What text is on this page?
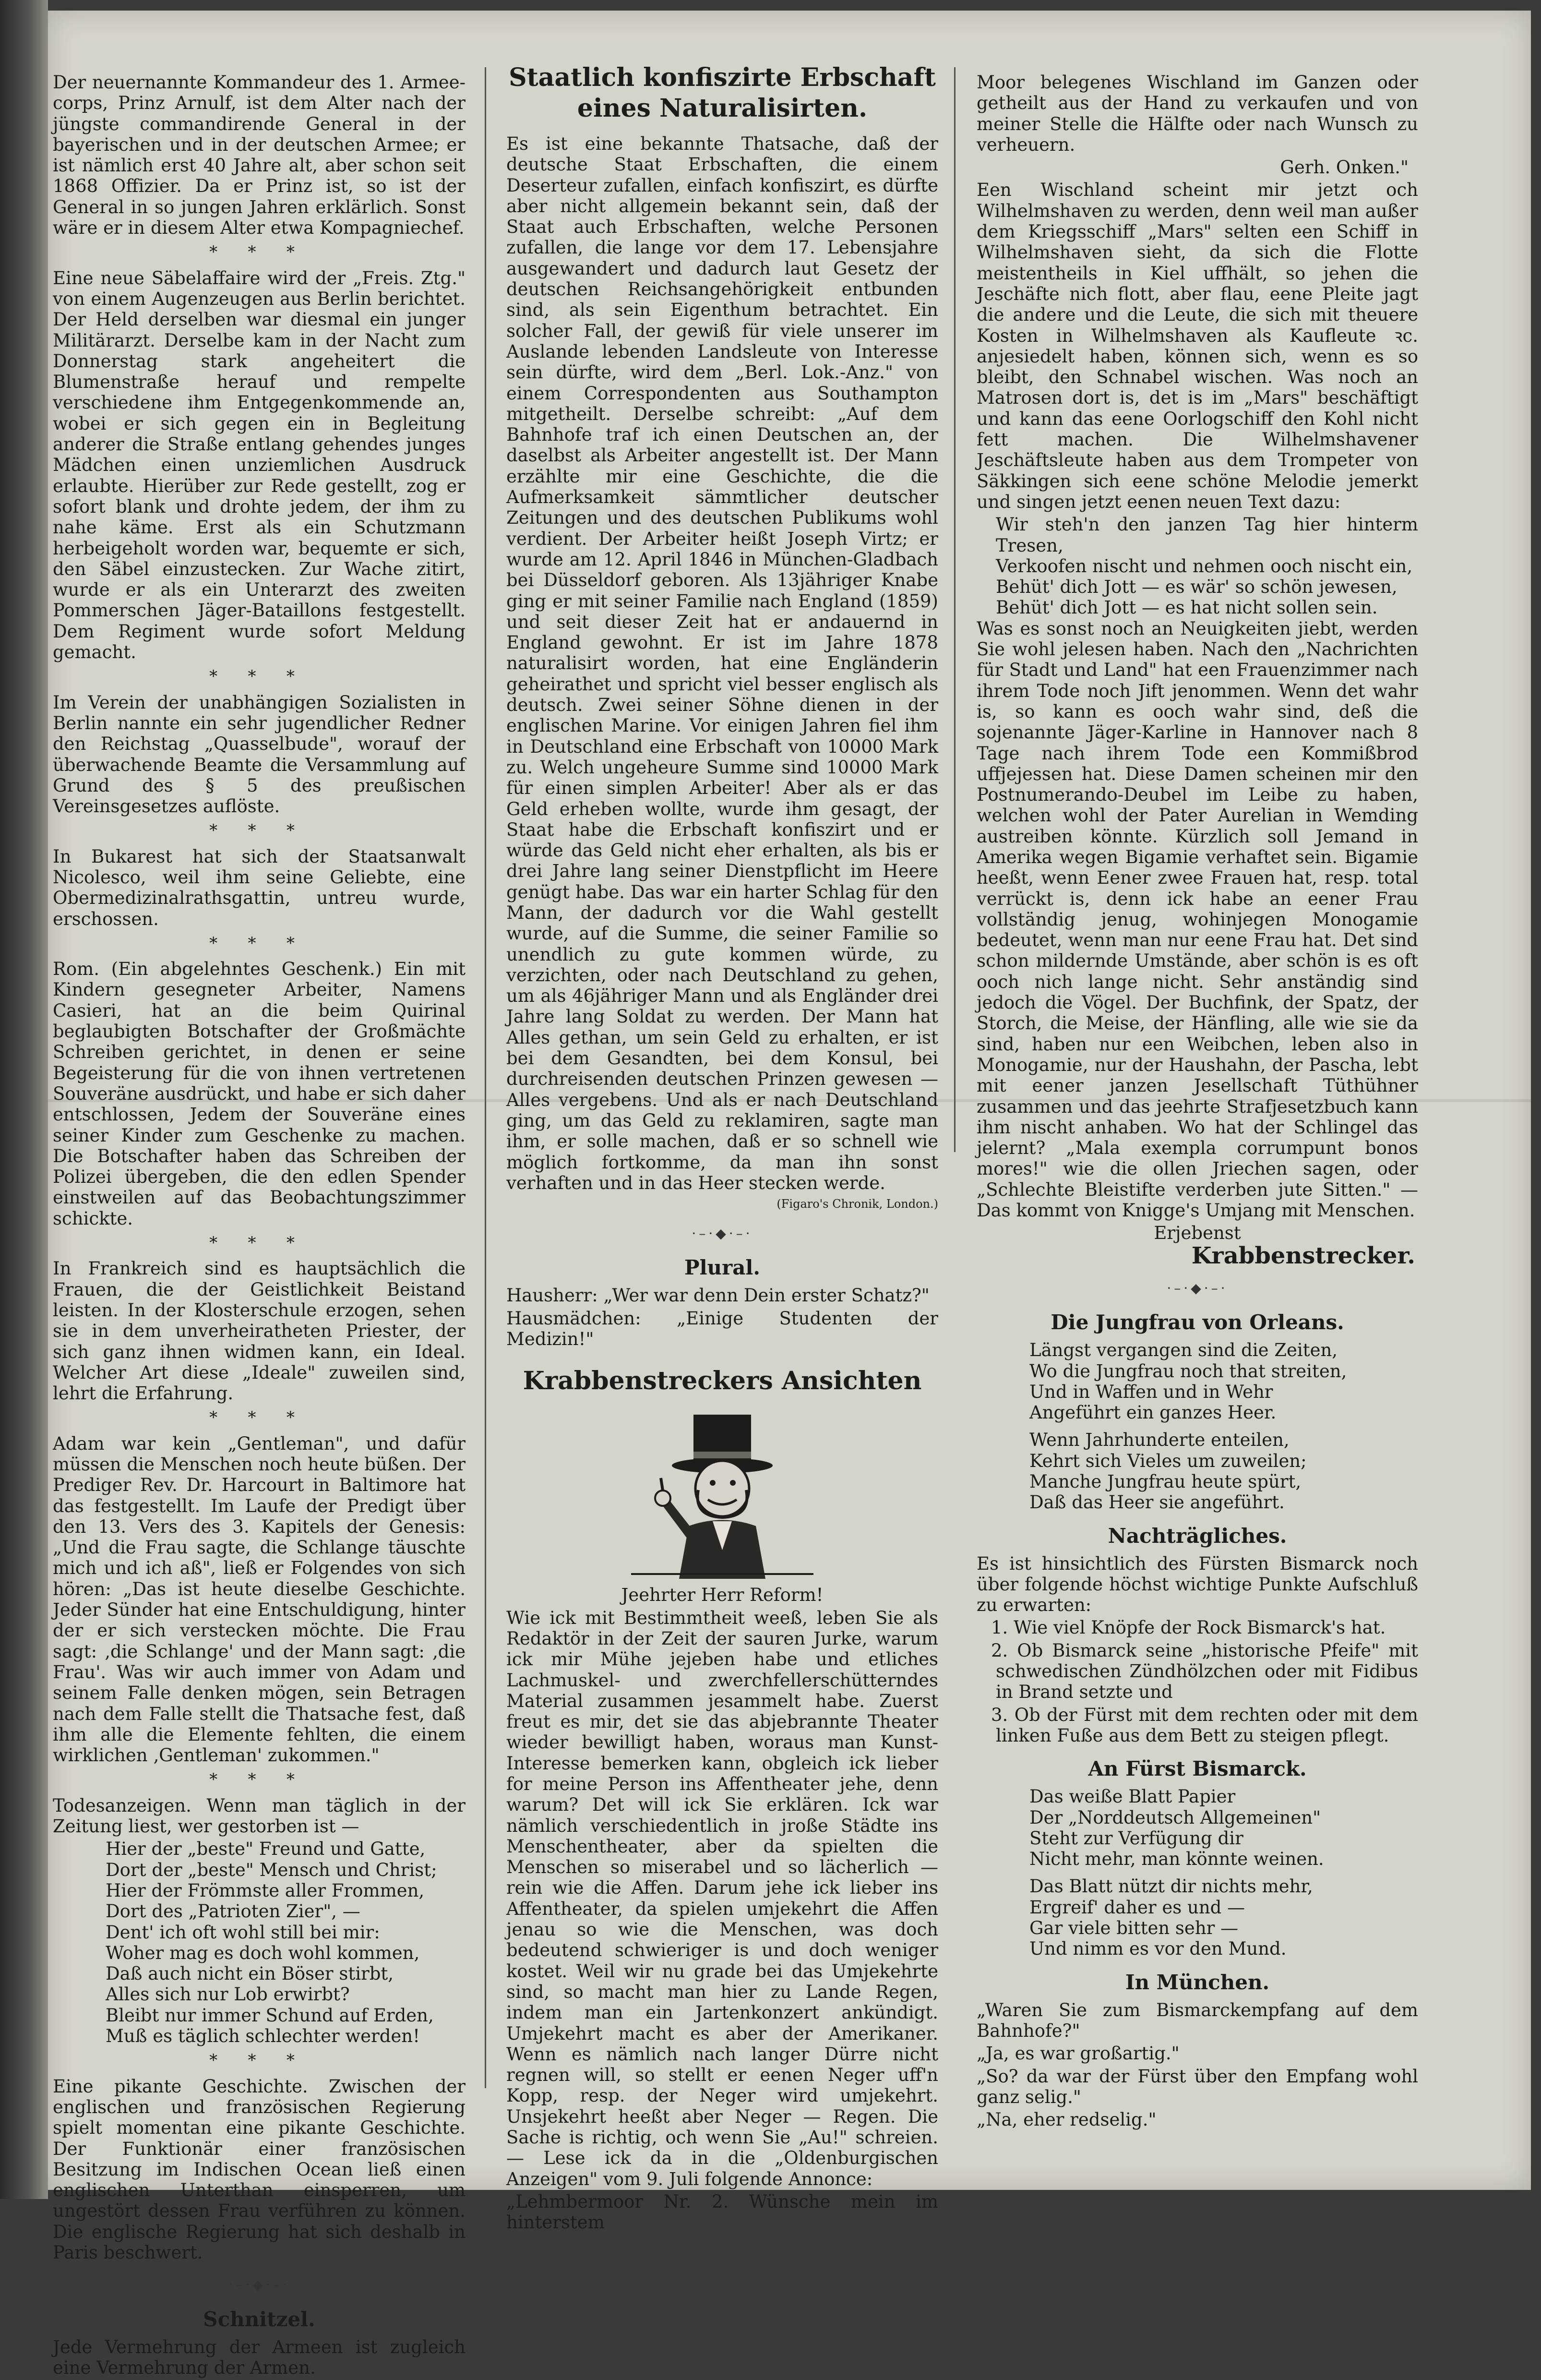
Der neuernannte Kommandeur des 1. Armee-corps, Prinz Arnulf, ist dem Alter nach der jüngste commandirende General in der bayerischen und in der deutschen Armee; er ist nämlich erst 40 Jahre alt, aber schon seit 1868 Offizier. Da er Prinz ist, so ist der General in so jungen Jahren erklärlich. Sonst wäre er in diesem Alter etwa Kompagniechef.

* * *

Eine neue Säbelaffaire wird der „Freis. Ztg." von einem Augenzeugen aus Berlin berichtet. Der Held derselben war diesmal ein junger Militärarzt. Derselbe kam in der Nacht zum Donnerstag stark angeheitert die Blumenstraße herauf und rempelte verschiedene ihm Entgegenkommende an, wobei er sich gegen ein in Begleitung anderer die Straße entlang gehendes junges Mädchen einen unziemlichen Ausdruck erlaubte. Hierüber zur Rede gestellt, zog er sofort blank und drohte jedem, der ihm zu nahe käme. Erst als ein Schutzmann herbeigeholt worden war, bequemte er sich, den Säbel einzustecken. Zur Wache zitirt, wurde er als ein Unterarzt des zweiten Pommerschen Jäger-Bataillons festgestellt. Dem Regiment wurde sofort Meldung gemacht.

* * *

Im Verein der unabhängigen Sozialisten in Berlin nannte ein sehr jugendlicher Redner den Reichstag „Quasselbude", worauf der überwachende Beamte die Versammlung auf Grund des § 5 des preußischen Vereinsgesetzes auflöste.

* * *

In Bukarest hat sich der Staatsanwalt Nicolesco, weil ihm seine Geliebte, eine Obermedizinalrathsgattin, untreu wurde, erschossen.

* * *

Rom. (Ein abgelehntes Geschenk.) Ein mit Kindern gesegneter Arbeiter, Namens Casieri, hat an die beim Quirinal beglaubigten Botschafter der Großmächte Schreiben gerichtet, in denen er seine Begeisterung für die von ihnen vertretenen Souveräne ausdrückt, und habe er sich daher entschlossen, Jedem der Souveräne eines seiner Kinder zum Geschenke zu machen. Die Botschafter haben das Schreiben der Polizei übergeben, die den edlen Spender einstweilen auf das Beobachtungszimmer schickte.

* * *

In Frankreich sind es hauptsächlich die Frauen, die der Geistlichkeit Beistand leisten. In der Klosterschule erzogen, sehen sie in dem unverheiratheten Priester, der sich ganz ihnen widmen kann, ein Ideal. Welcher Art diese „Ideale" zuweilen sind, lehrt die Erfahrung.

* * *

Adam war kein „Gentleman", und dafür müssen die Menschen noch heute büßen. Der Prediger Rev. Dr. Harcourt in Baltimore hat das festgestellt. Im Laufe der Predigt über den 13. Vers des 3. Kapitels der Genesis: „Und die Frau sagte, die Schlange täuschte mich und ich aß", ließ er Folgendes von sich hören: „Das ist heute dieselbe Geschichte. Jeder Sünder hat eine Entschuldigung, hinter der er sich verstecken möchte. Die Frau sagt: ‚die Schlange' und der Mann sagt: ‚die Frau'. Was wir auch immer von Adam und seinem Falle denken mögen, sein Betragen nach dem Falle stellt die Thatsache fest, daß ihm alle die Elemente fehlten, die einem wirklichen ‚Gentleman' zukommen."

* * *

Todesanzeigen. Wenn man täglich in der Zeitung liest, wer gestorben ist —

Hier der „beste" Freund und Gatte,
Dort der „beste" Mensch und Christ;
Hier der Frömmste aller Frommen,
Dort des „Patrioten Zier", —
Dent' ich oft wohl still bei mir:
Woher mag es doch wohl kommen,
Daß auch nicht ein Böser stirbt,
Alles sich nur Lob erwirbt?
Bleibt nur immer Schund auf Erden,
Muß es täglich schlechter werden!
* * *

Eine pikante Geschichte. Zwischen der englischen und französischen Regierung spielt momentan eine pikante Geschichte. Der Funktionär einer französischen Besitzung im Indischen Ocean ließ einen englischen Unterthan einsperren, um ungestört dessen Frau verführen zu können. Die englische Regierung hat sich deshalb in Paris beschwert.

·–·◆·–·
Schnitzel.

Jede Vermehrung der Armeen ist zugleich eine Vermehrung der Armen.

Staatlich konfiszirte Erbschaft eines Naturalisirten.

Es ist eine bekannte Thatsache, daß der deutsche Staat Erbschaften, die einem Deserteur zufallen, einfach konfiszirt, es dürfte aber nicht allgemein bekannt sein, daß der Staat auch Erbschaften, welche Personen zufallen, die lange vor dem 17. Lebensjahre ausgewandert und dadurch laut Gesetz der deutschen Reichsangehörigkeit entbunden sind, als sein Eigenthum betrachtet. Ein solcher Fall, der gewiß für viele unserer im Auslande lebenden Landsleute von Interesse sein dürfte, wird dem „Berl. Lok.-Anz." von einem Correspondenten aus Southampton mitgetheilt. Derselbe schreibt: „Auf dem Bahnhofe traf ich einen Deutschen an, der daselbst als Arbeiter angestellt ist. Der Mann erzählte mir eine Geschichte, die die Aufmerksamkeit sämmtlicher deutscher Zeitungen und des deutschen Publikums wohl verdient. Der Arbeiter heißt Joseph Virtz; er wurde am 12. April 1846 in München-Gladbach bei Düsseldorf geboren. Als 13jähriger Knabe ging er mit seiner Familie nach England (1859) und seit dieser Zeit hat er andauernd in England gewohnt. Er ist im Jahre 1878 naturalisirt worden, hat eine Engländerin geheirathet und spricht viel besser englisch als deutsch. Zwei seiner Söhne dienen in der englischen Marine. Vor einigen Jahren fiel ihm in Deutschland eine Erbschaft von 10000 Mark zu. Welch ungeheure Summe sind 10000 Mark für einen simplen Arbeiter! Aber als er das Geld erheben wollte, wurde ihm gesagt, der Staat habe die Erbschaft konfiszirt und er würde das Geld nicht eher erhalten, als bis er drei Jahre lang seiner Dienstpflicht im Heere genügt habe. Das war ein harter Schlag für den Mann, der dadurch vor die Wahl gestellt wurde, auf die Summe, die seiner Familie so unendlich zu gute kommen würde, zu verzichten, oder nach Deutschland zu gehen, um als 46jähriger Mann und als Engländer drei Jahre lang Soldat zu werden. Der Mann hat Alles gethan, um sein Geld zu erhalten, er ist bei dem Gesandten, bei dem Konsul, bei durchreisenden deutschen Prinzen gewesen — Alles vergebens. Und als er nach Deutschland ging, um das Geld zu reklamiren, sagte man ihm, er solle machen, daß er so schnell wie möglich fortkomme, da man ihn sonst verhaften und in das Heer stecken werde.

(Figaro's Chronik, London.)
·–·◆·–·
Plural.

Hausherr: „Wer war denn Dein erster Schatz?"

Hausmädchen: „Einige Studenten der Medizin!"

Krabbenstreckers Ansichten

Jeehrter Herr Reform!

Wie ick mit Bestimmtheit weeß, leben Sie als Redaktör in der Zeit der sauren Jurke, warum ick mir Mühe jejeben habe und etliches Lachmuskel- und zwerchfellerschütterndes Material zusammen jesammelt habe. Zuerst freut es mir, det sie das abjebrannte Theater wieder bewilligt haben, woraus man Kunst-Interesse bemerken kann, obgleich ick lieber for meine Person ins Affentheater jehe, denn warum? Det will ick Sie erklären. Ick war nämlich verschiedentlich in jroße Städte ins Menschentheater, aber da spielten die Menschen so miserabel und so lächerlich — rein wie die Affen. Darum jehe ick lieber ins Affentheater, da spielen umjekehrt die Affen jenau so wie die Menschen, was doch bedeutend schwieriger is und doch weniger kostet. Weil wir nu grade bei das Umjekehrte sind, so macht man hier zu Lande Regen, indem man ein Jartenkonzert ankündigt. Umjekehrt macht es aber der Amerikaner. Wenn es nämlich nach langer Dürre nicht regnen will, so stellt er eenen Neger uff'n Kopp, resp. der Neger wird umjekehrt. Unsjekehrt heeßt aber Neger — Regen. Die Sache is richtig, och wenn Sie „Au!" schreien. — Lese ick da in die „Oldenburgischen Anzeigen" vom 9. Juli folgende Annonce:

„Lehmbermoor Nr. 2. Wünsche mein im hinterstem

Moor belegenes Wischland im Ganzen oder getheilt aus der Hand zu verkaufen und von meiner Stelle die Hälfte oder nach Wunsch zu verheuern.

Gerh. Onken."

Een Wischland scheint mir jetzt och Wilhelmshaven zu werden, denn weil man außer dem Kriegsschiff „Mars" selten een Schiff in Wilhelmshaven sieht, da sich die Flotte meistentheils in Kiel uffhält, so jehen die Jeschäfte nich flott, aber flau, eene Pleite jagt die andere und die Leute, die sich mit theuere Kosten in Wilhelmshaven als Kaufleute ꝛc. anjesiedelt haben, können sich, wenn es so bleibt, den Schnabel wischen. Was noch an Matrosen dort is, det is im „Mars" beschäftigt und kann das eene Oorlogschiff den Kohl nicht fett machen. Die Wilhelmshavener Jeschäftsleute haben aus dem Trompeter von Säkkingen sich eene schöne Melodie jemerkt und singen jetzt eenen neuen Text dazu:

Wir steh'n den janzen Tag hier hinterm Tresen,
Verkoofen nischt und nehmen ooch nischt ein,
Behüt' dich Jott — es wär' so schön jewesen,
Behüt' dich Jott — es hat nicht sollen sein.

Was es sonst noch an Neuigkeiten jiebt, werden Sie wohl jelesen haben. Nach den „Nachrichten für Stadt und Land" hat een Frauenzimmer nach ihrem Tode noch Jift jenommen. Wenn det wahr is, so kann es ooch wahr sind, deß die sojenannte Jäger-Karline in Hannover nach 8 Tage nach ihrem Tode een Kommißbrod uffjejessen hat. Diese Damen scheinen mir den Postnumerando-Deubel im Leibe zu haben, welchen wohl der Pater Aurelian in Wemding austreiben könnte. Kürzlich soll Jemand in Amerika wegen Bigamie verhaftet sein. Bigamie heeßt, wenn Eener zwee Frauen hat, resp. total verrückt is, denn ick habe an eener Frau vollständig jenug, wohinjegen Monogamie bedeutet, wenn man nur eene Frau hat. Det sind schon mildernde Umstände, aber schön is es oft ooch nich lange nicht. Sehr anständig sind jedoch die Vögel. Der Buchfink, der Spatz, der Storch, die Meise, der Hänfling, alle wie sie da sind, haben nur een Weibchen, leben also in Monogamie, nur der Haushahn, der Pascha, lebt mit eener janzen Jesellschaft Tüthühner zusammen und das jeehrte Strafjesetzbuch kann ihm nischt anhaben. Wo hat der Schlingel das jelernt? „Mala exempla corrumpunt bonos mores!" wie die ollen Jriechen sagen, oder „Schlechte Bleistifte verderben jute Sitten." — Das kommt von Knigge's Umjang mit Menschen.

Erjebenst

Krabbenstrecker.

·–·◆·–·
Die Jungfrau von Orleans.
Längst vergangen sind die Zeiten,
Wo die Jungfrau noch that streiten,
Und in Waffen und in Wehr
Angeführt ein ganzes Heer.
Wenn Jahrhunderte enteilen,
Kehrt sich Vieles um zuweilen;
Manche Jungfrau heute spürt,
Daß das Heer sie angeführt.
Nachträgliches.

Es ist hinsichtlich des Fürsten Bismarck noch über folgende höchst wichtige Punkte Aufschluß zu erwarten:

1. Wie viel Knöpfe der Rock Bismarck's hat.

2. Ob Bismarck seine „historische Pfeife" mit schwedischen Zündhölzchen oder mit Fidibus in Brand setzte und

3. Ob der Fürst mit dem rechten oder mit dem linken Fuße aus dem Bett zu steigen pflegt.

An Fürst Bismarck.
Das weiße Blatt Papier
Der „Norddeutsch Allgemeinen"
Steht zur Verfügung dir
Nicht mehr, man könnte weinen.
Das Blatt nützt dir nichts mehr,
Ergreif' daher es und —
Gar viele bitten sehr —
Und nimm es vor den Mund.
In München.

„Waren Sie zum Bismarckempfang auf dem Bahnhofe?"

„Ja, es war großartig."

„So? da war der Fürst über den Empfang wohl ganz selig."

„Na, eher redselig."
